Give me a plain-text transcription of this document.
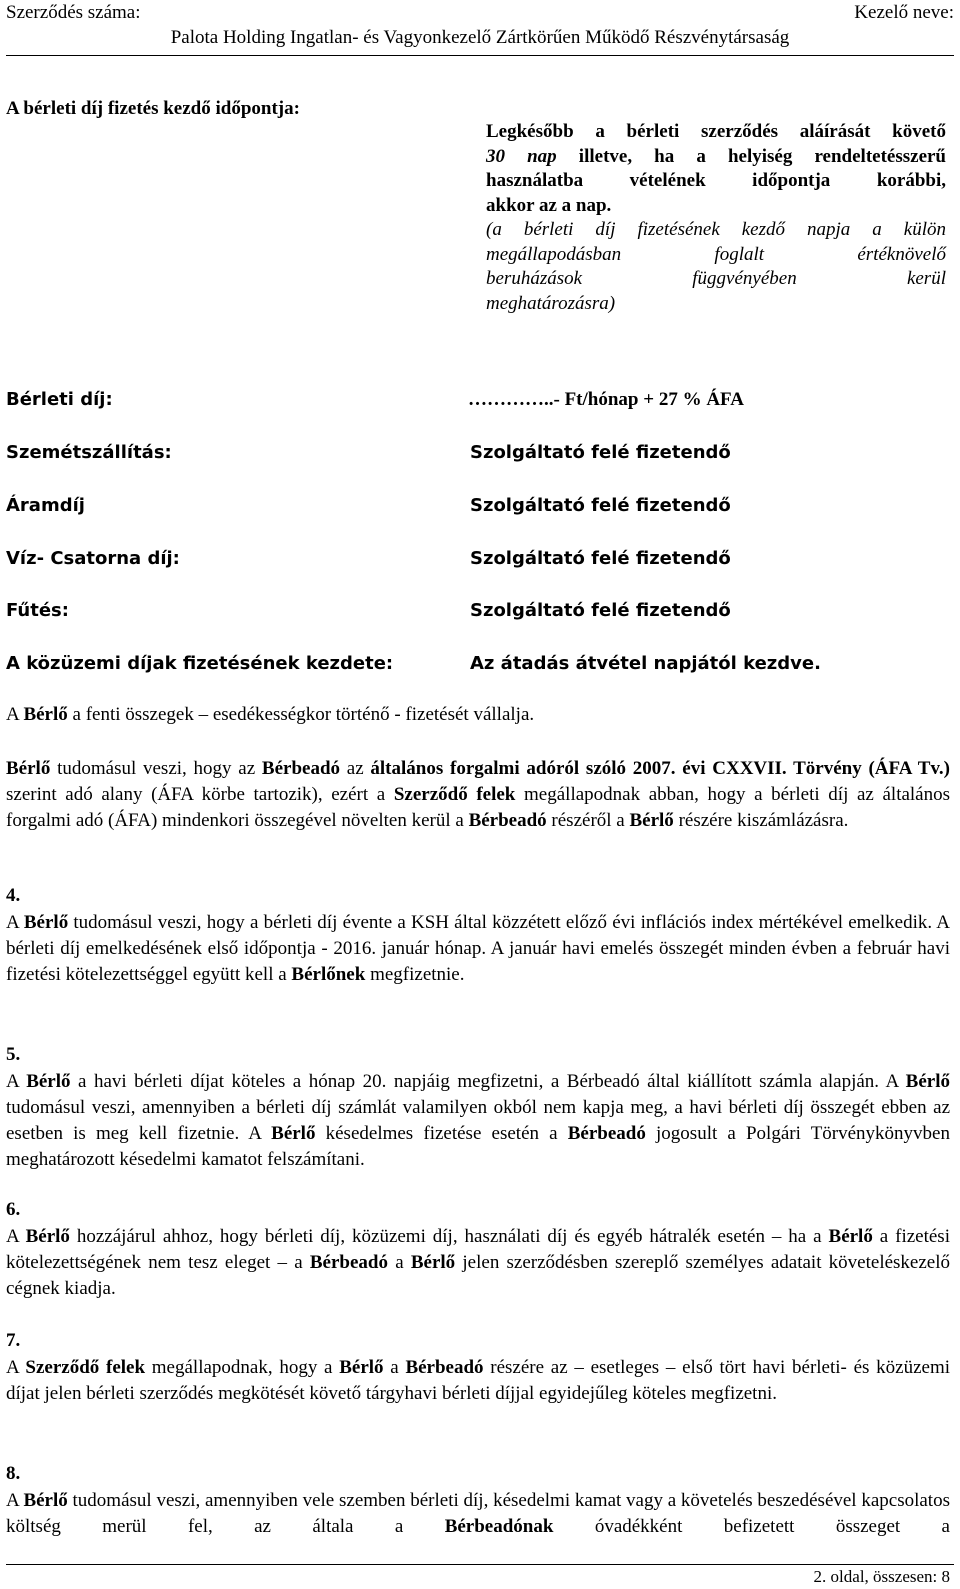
Szerződés száma:	Kezelő neve:
Palota Holding Ingatlan- és Vagyonkezelő Zártkörűen Működő Részvénytársaság
A bérleti díj fizetés kezdő időpontja:
Legkésőbb a bérleti szerződés aláírását követő
30 nap illetve, ha a helyiség rendeltetésszerű
használatba vételének időpontja korábbi,
akkor az a nap.
(a bérleti díj fizetésének kezdő napja a külön
megállapodásban foglalt értéknövelő
beruházások függvényében kerül
meghatározásra)
Bérleti díj:	…………..- Ft/hónap + 27 % ÁFA
Szemétszállítás:	Szolgáltató felé fizetendő
Áramdíj	Szolgáltató felé fizetendő
Víz- Csatorna díj:	Szolgáltató felé fizetendő
Fűtés:	Szolgáltató felé fizetendő
A közüzemi díjak fizetésének kezdete:	Az átadás átvétel napjától kezdve.
A Bérlő a fenti összegek – esedékességkor történő - fizetését vállalja.
Bérlő tudomásul veszi, hogy az Bérbeadó az általános forgalmi adóról szóló 2007. évi CXXVII. Törvény (ÁFA Tv.) szerint adó alany (ÁFA körbe tartozik), ezért a Szerződő felek megállapodnak abban, hogy a bérleti díj az általános forgalmi adó (ÁFA) mindenkori összegével növelten kerül a Bérbeadó részéről a Bérlő részére kiszámlázásra.
4.
A Bérlő tudomásul veszi, hogy a bérleti díj évente a KSH által közzétett előző évi inflációs index mértékével emelkedik. A bérleti díj emelkedésének első időpontja - 2016. január hónap. A január havi emelés összegét minden évben a február havi fizetési kötelezettséggel együtt kell a Bérlőnek megfizetnie.
5.
A Bérlő a havi bérleti díjat köteles a hónap 20. napjáig megfizetni, a Bérbeadó által kiállított számla alapján. A Bérlő tudomásul veszi, amennyiben a bérleti díj számlát valamilyen okból nem kapja meg, a havi bérleti díj összegét ebben az esetben is meg kell fizetnie. A Bérlő késedelmes fizetése esetén a Bérbeadó jogosult a Polgári Törvénykönyvben meghatározott késedelmi kamatot felszámítani.
6.
A Bérlő hozzájárul ahhoz, hogy bérleti díj, közüzemi díj, használati díj és egyéb hátralék esetén – ha a Bérlő a fizetési kötelezettségének nem tesz eleget – a Bérbeadó a Bérlő jelen szerződésben szereplő személyes adatait követeléskezelő cégnek kiadja.
7.
A Szerződő felek megállapodnak, hogy a Bérlő a Bérbeadó részére az – esetleges – első tört havi bérleti- és közüzemi díjat jelen bérleti szerződés megkötését követő tárgyhavi bérleti díjjal egyidejűleg köteles megfizetni.
8.
A Bérlő tudomásul veszi, amennyiben vele szemben bérleti díj, késedelmi kamat vagy a követelés beszedésével kapcsolatos költség merül fel, az általa a Bérbeadónak óvadékként befizetett összeget a
2. oldal, összesen: 8
